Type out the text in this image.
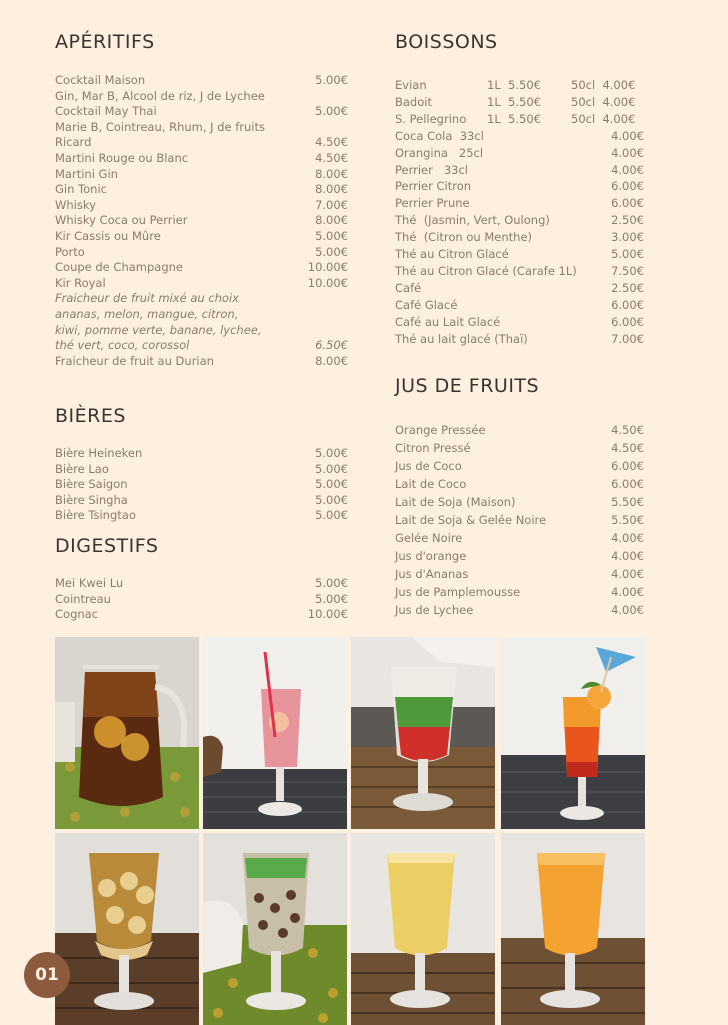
APÉRITIFS
Cocktail Maison	5.00€
Gin, Mar B, Alcool de riz, J de Lychee
Cocktail May Thai	5.00€
Marie B, Cointreau, Rhum, J de fruits
Ricard	4.50€
Martini Rouge ou Blanc	4.50€
Martini Gin	8.00€
Gin Tonic	8.00€
Whisky	7.00€
Whisky Coca ou Perrier	8.00€
Kir Cassis ou Mûre	5.00€
Porto	5.00€
Coupe de Champagne	10.00€
Kir Royal	10.00€
Fraicheur de fruit mixé au choix
ananas, melon, mangue, citron,
kiwi, pomme verte, banane, lychee,
thé vert, coco, corossol	6.50€
Fraicheur de fruit au Durian	8.00€
BIÈRES
Bière Heineken	5.00€
Bière Lao	5.00€
Bière Saigon	5.00€
Bière Singha	5.00€
Bière Tsingtao	5.00€
DIGESTIFS
Mei Kwei Lu	5.00€
Cointreau	5.00€
Cognac	10.00€
BOISSONS
Evian	1L  5.50€	50cl  4.00€
Badoit	1L  5.50€	50cl  4.00€
S. Pellegrino	1L  5.50€	50cl  4.00€
Coca Cola  33cl	4.00€
Orangina   25cl	4.00€
Perrier   33cl	4.00€
Perrier Citron	6.00€
Perrier Prune	6.00€
Thé  (Jasmin, Vert, Oulong)	2.50€
Thé  (Citron ou Menthe)	3.00€
Thé au Citron Glacé	5.00€
Thé au Citron Glacé (Carafe 1L)	7.50€
Café	2.50€
Café Glacé	6.00€
Café au Lait Glacé	6.00€
Thé au lait glacé (Thaï)	7.00€
JUS DE FRUITS
Orange Pressée	4.50€
Citron Pressé	4.50€
Jus de Coco	6.00€
Lait de Coco	6.00€
Lait de Soja (Maison)	5.50€
Lait de Soja & Gelée Noire	5.50€
Gelée Noire	4.00€
Jus d'orange	4.00€
Jus d'Ananas	4.00€
Jus de Pamplemousse	4.00€
Jus de Lychee	4.00€
01
